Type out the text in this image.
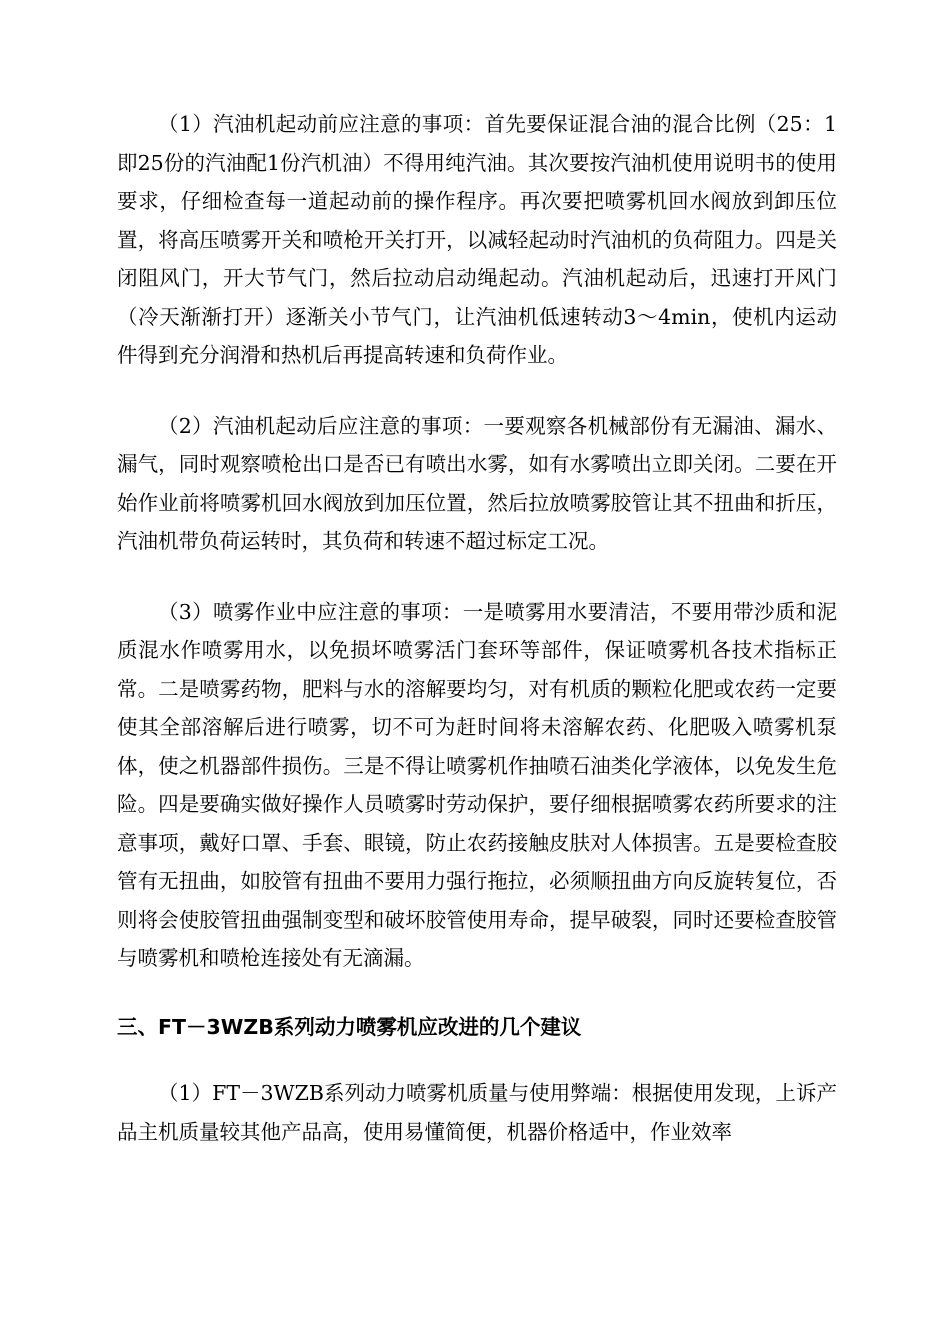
（1）汽油机起动前应注意的事项：首先要保证混合油的混合比例（25：1即25份的汽油配1份汽机油）不得用纯汽油。其次要按汽油机使用说明书的使用要求，仔细检查每一道起动前的操作程序。再次要把喷雾机回水阀放到卸压位置，将高压喷雾开关和喷枪开关打开，以减轻起动时汽油机的负荷阻力。四是关闭阻风门，开大节气门，然后拉动启动绳起动。汽油机起动后，迅速打开风门（冷天渐渐打开）逐渐关小节气门，让汽油机低速转动3～4min，使机内运动件得到充分润滑和热机后再提高转速和负荷作业。

（2）汽油机起动后应注意的事项：一要观察各机械部份有无漏油、漏水、漏气，同时观察喷枪出口是否已有喷出水雾，如有水雾喷出立即关闭。二要在开始作业前将喷雾机回水阀放到加压位置，然后拉放喷雾胶管让其不扭曲和折压，汽油机带负荷运转时，其负荷和转速不超过标定工况。

（3）喷雾作业中应注意的事项：一是喷雾用水要清洁，不要用带沙质和泥质混水作喷雾用水，以免损坏喷雾活门套环等部件，保证喷雾机各技术指标正常。二是喷雾药物，肥料与水的溶解要均匀，对有机质的颗粒化肥或农药一定要使其全部溶解后进行喷雾，切不可为赶时间将未溶解农药、化肥吸入喷雾机泵体，使之机器部件损伤。三是不得让喷雾机作抽喷石油类化学液体，以免发生危险。四是要确实做好操作人员喷雾时劳动保护，要仔细根据喷雾农药所要求的注意事项，戴好口罩、手套、眼镜，防止农药接触皮肤对人体损害。五是要检查胶管有无扭曲，如胶管有扭曲不要用力强行拖拉，必须顺扭曲方向反旋转复位，否则将会使胶管扭曲强制变型和破坏胶管使用寿命，提早破裂，同时还要检查胶管与喷雾机和喷枪连接处有无滴漏。

三、FT－3WZB系列动力喷雾机应改进的几个建议

（1）FT－3WZB系列动力喷雾机质量与使用弊端：根据使用发现，上诉产品主机质量较其他产品高，使用易懂简便，机器价格适中，作业效率
